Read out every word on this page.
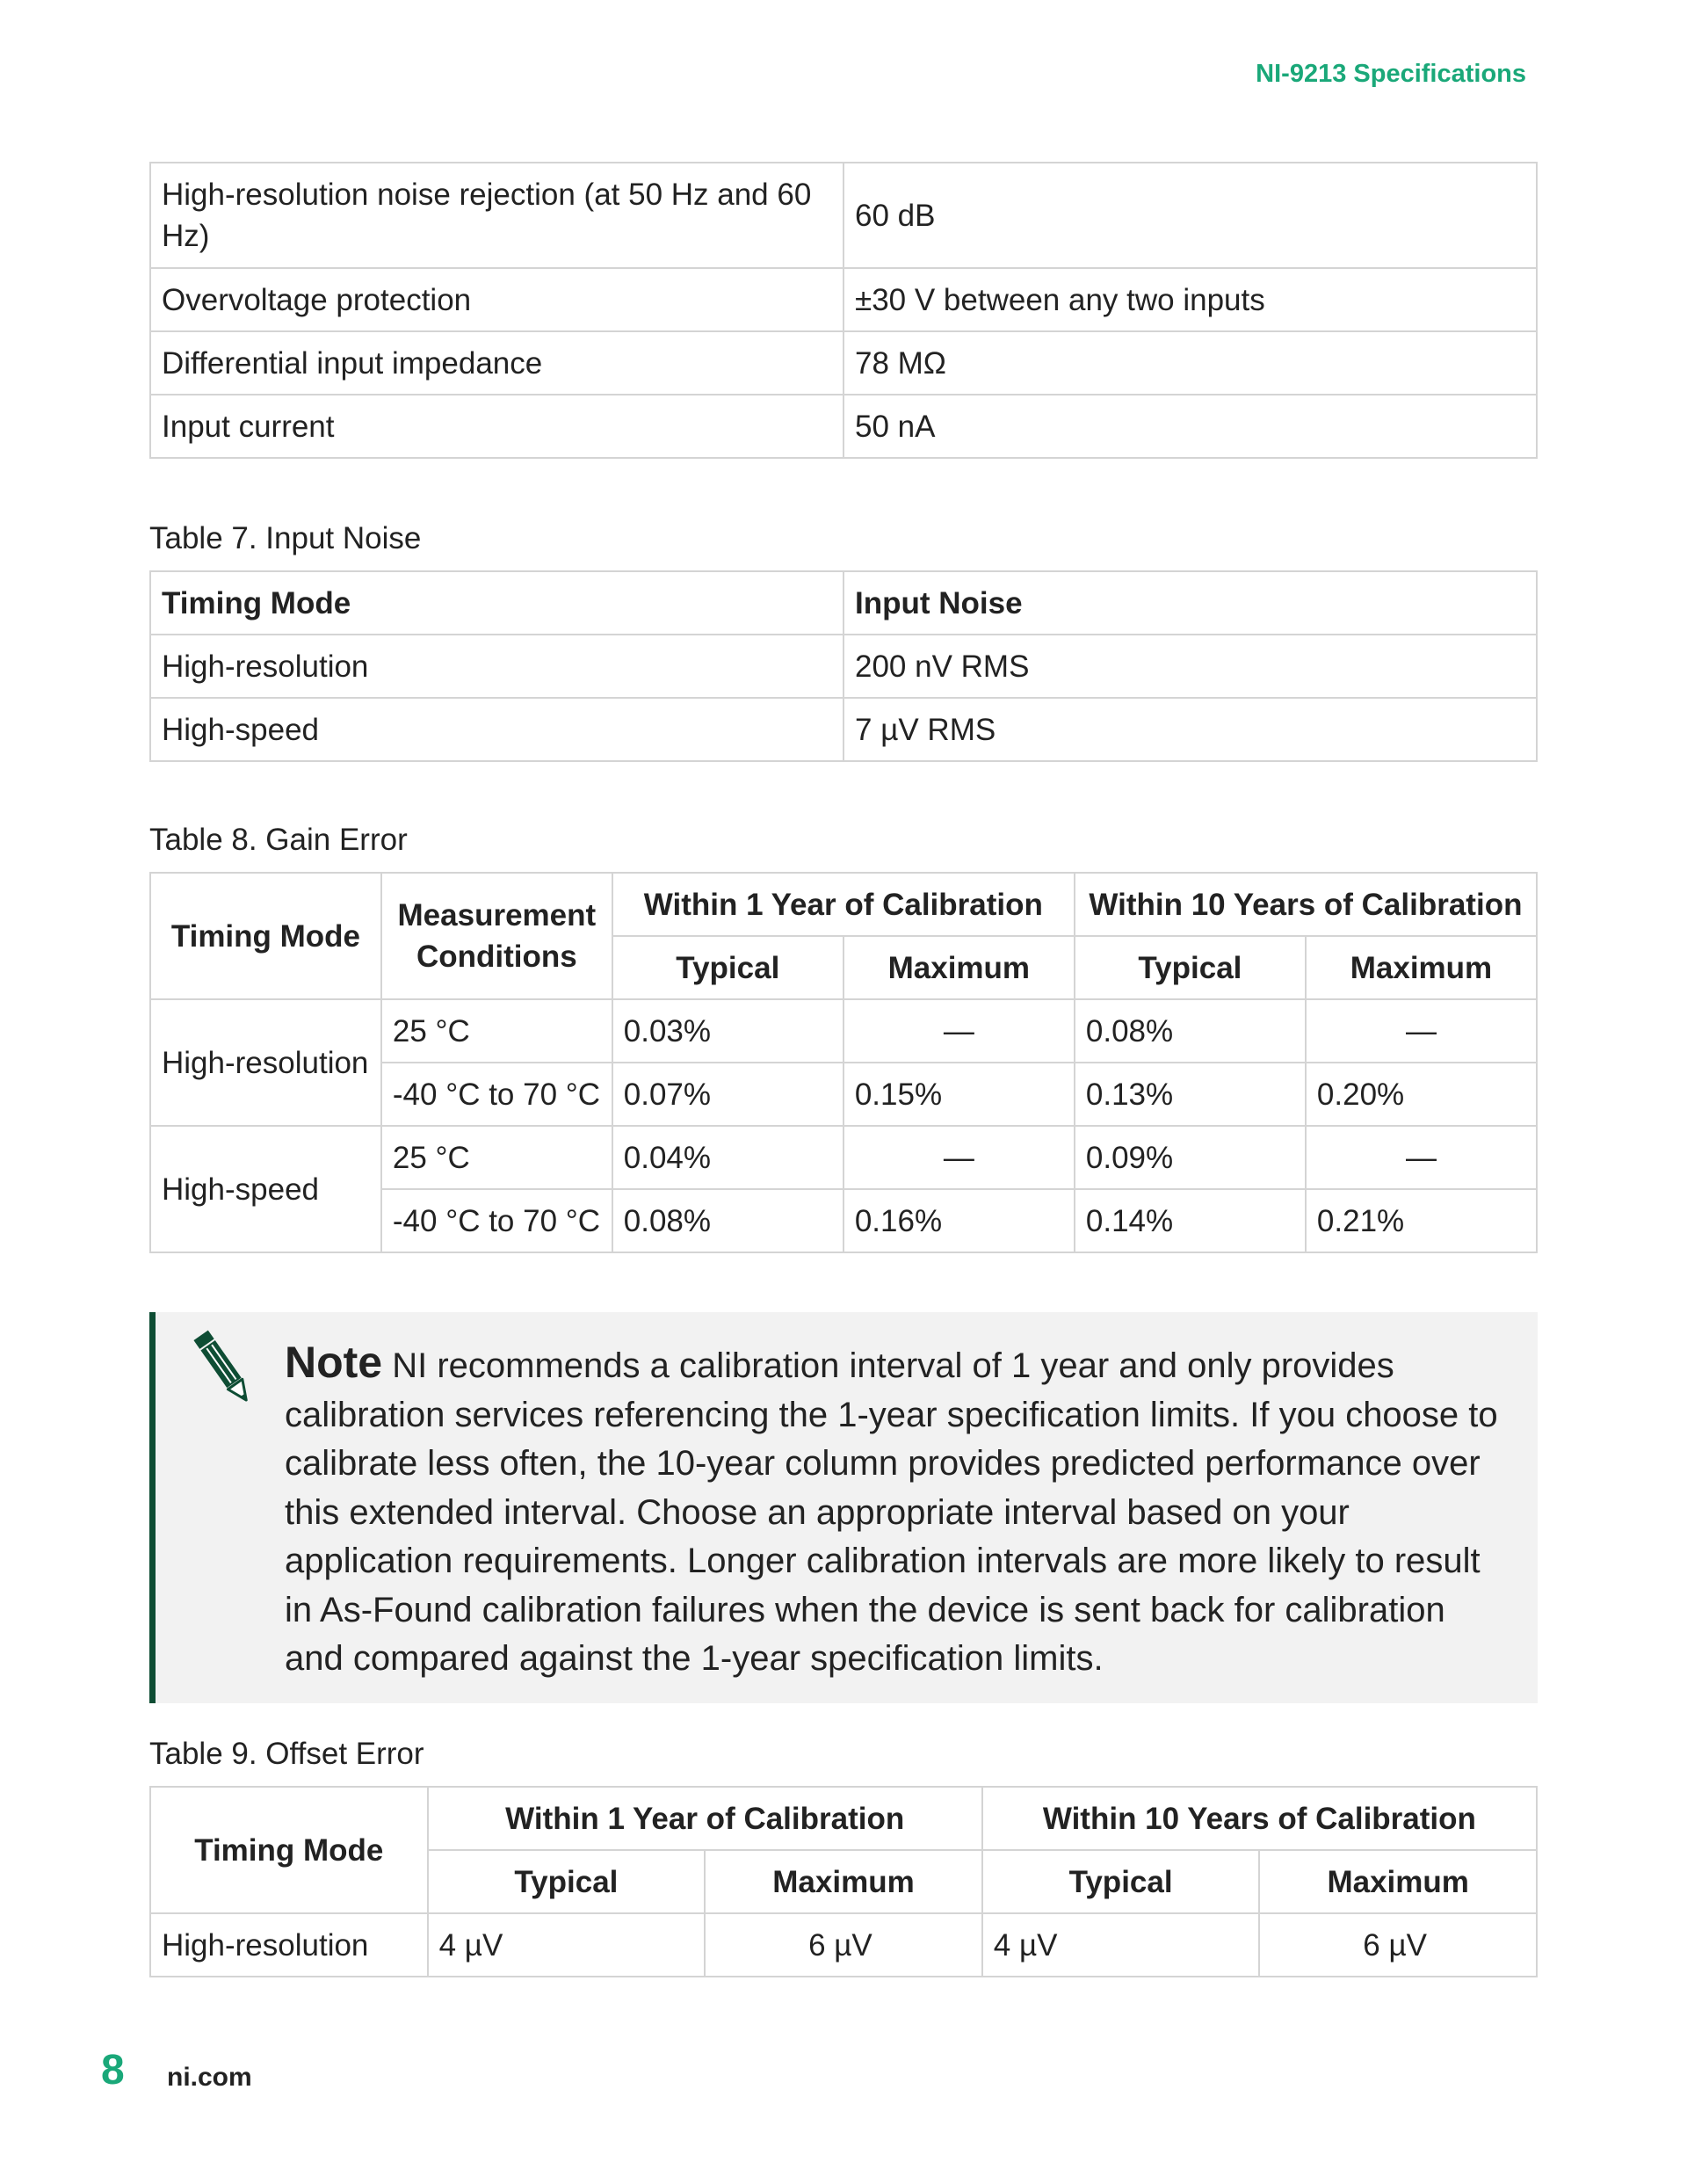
NI-9213 Specifications
High-resolution noise rejection (at 50 Hz and 60 Hz)	60 dB
Overvoltage protection	±30 V between any two inputs
Differential input impedance	78 MΩ
Input current	50 nA
Table 7. Input Noise
Timing Mode	Input Noise
High-resolution	200 nV RMS
High-speed	7 µV RMS
Table 8. Gain Error
Timing Mode	Measurement Conditions	Within 1 Year of Calibration		Within 10 Years of Calibration	
		Typical	Maximum	Typical	Maximum
High-resolution	25 °C	0.03%	—	0.08%	—
	-40 °C to 70 °C	0.07%	0.15%	0.13%	0.20%
High-speed	25 °C	0.04%	—	0.09%	—
	-40 °C to 70 °C	0.08%	0.16%	0.14%	0.21%
Note NI recommends a calibration interval of 1 year and only provides calibration services referencing the 1-year specification limits. If you choose to calibrate less often, the 10-year column provides predicted performance over this extended interval. Choose an appropriate interval based on your application requirements. Longer calibration intervals are more likely to result in As-Found calibration failures when the device is sent back for calibration and compared against the 1-year specification limits.
Table 9. Offset Error
Timing Mode	Within 1 Year of Calibration		Within 10 Years of Calibration	
	Typical	Maximum	Typical	Maximum
High-resolution	4 µV	6 µV	4 µV	6 µV
8 ni.com
